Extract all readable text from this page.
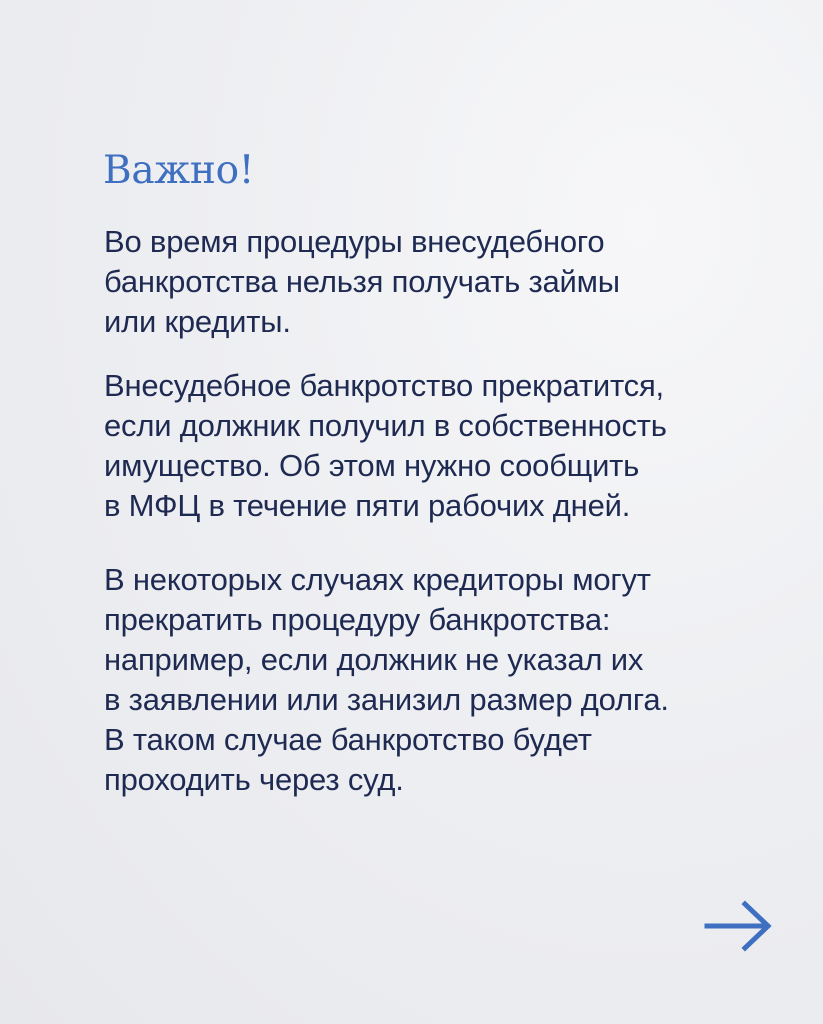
Важно!

Во время процедуры внесудебного
банкротства нельзя получать займы
или кредиты.

Внесудебное банкротство прекратится,
если должник получил в собственность
имущество. Об этом нужно сообщить
в МФЦ в течение пяти рабочих дней.

В некоторых случаях кредиторы могут
прекратить процедуру банкротства:
например, если должник не указал их
в заявлении или занизил размер долга.
В таком случае банкротство будет
проходить через суд.
